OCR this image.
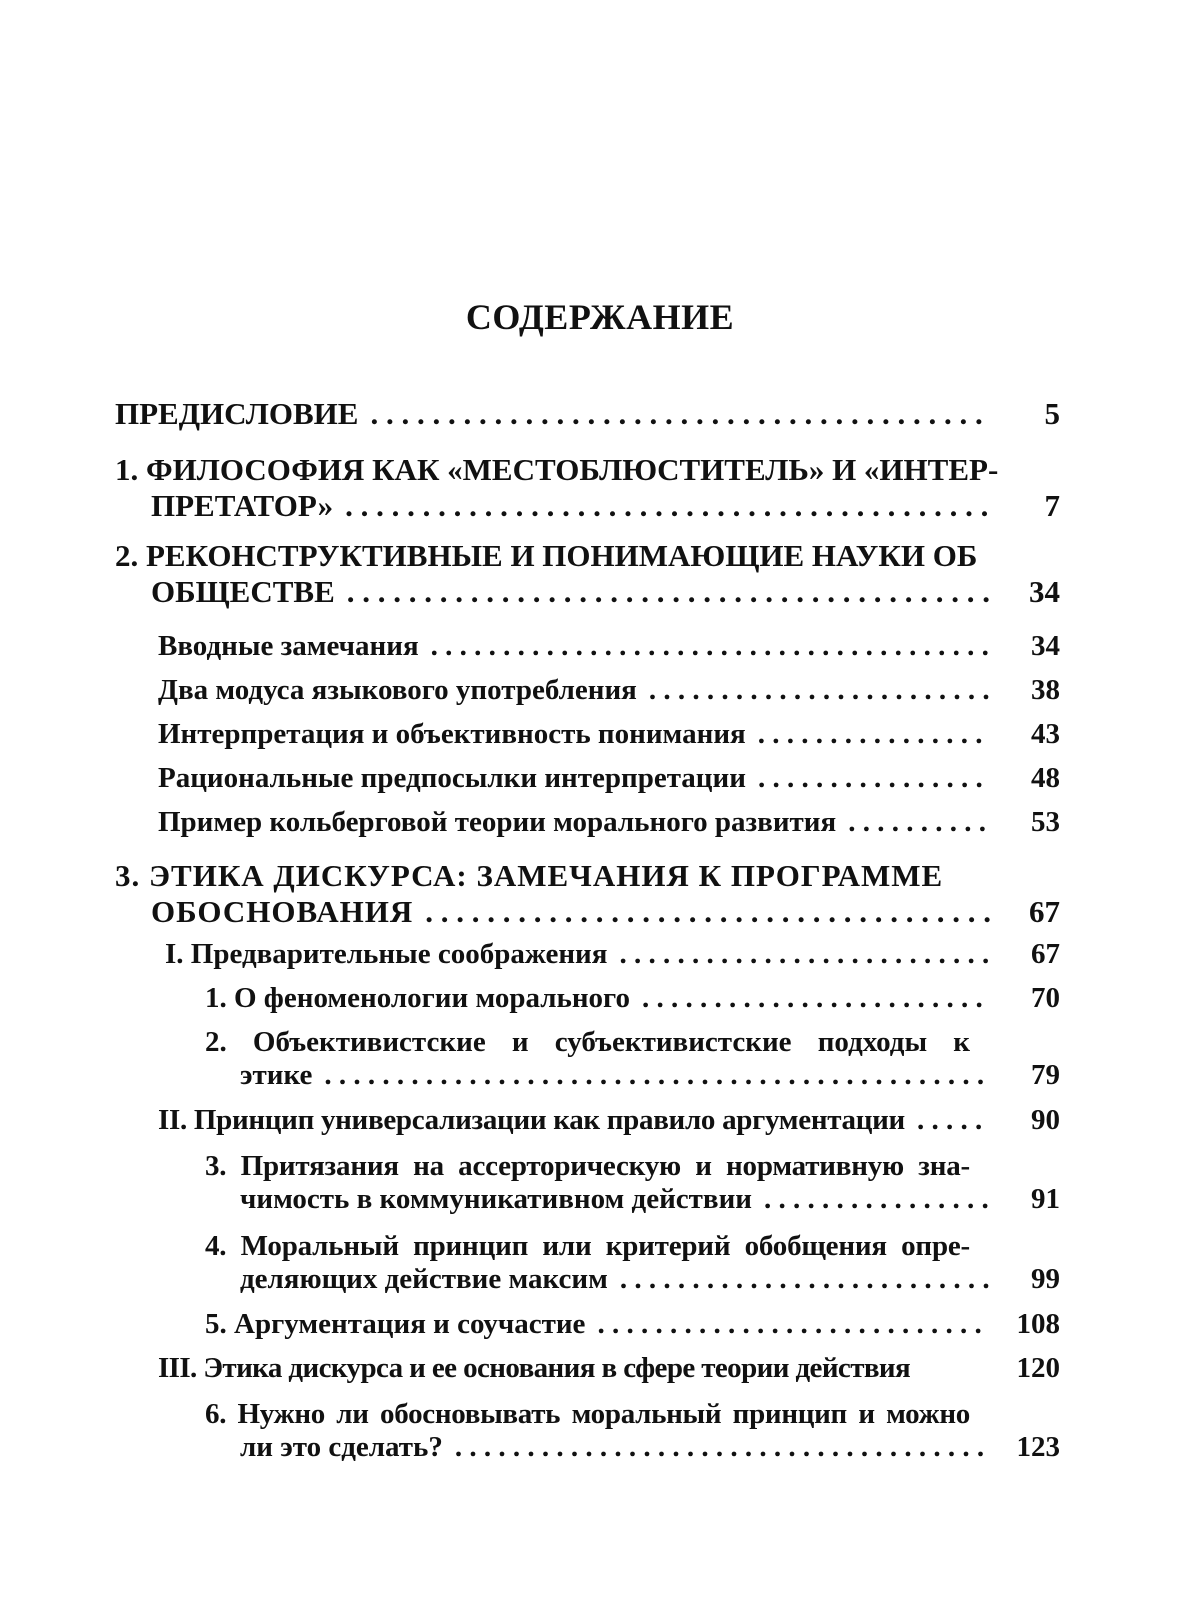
СОДЕРЖАНИЕ
ПРЕДИСЛОВИЕ . . .	5
1. ФИЛОСОФИЯ КАК «МЕСТОБЛЮСТИТЕЛЬ» И «ИНТЕР-
ПРЕТАТОР» . . .	7
2. РЕКОНСТРУКТИВНЫЕ И ПОНИМАЮЩИЕ НАУКИ ОБ
ОБЩЕСТВЕ . . .	34
Вводные замечания . . .	34
Два модуса языкового употребления . . .	38
Интерпретация и объективность понимания . . .	43
Рациональные предпосылки интерпретации . . .	48
Пример кольберговой теории морального развития . . .	53
3. ЭТИКА ДИСКУРСА: ЗАМЕЧАНИЯ К ПРОГРАММЕ
ОБОСНОВАНИЯ . . .	67
I. Предварительные соображения . . .	67
1. О феноменологии морального . . .	70
2. Объективистские и субъективистские подходы к
этике . . .	79
II. Принцип универсализации как правило аргументации . . .	90
3. Притязания на ассерторическую и нормативную зна-
чимость в коммуникативном действии . . .	91
4. Моральный принцип или критерий обобщения опре-
деляющих действие максим . . .	99
5. Аргументация и соучастие . . .	108
III. Этика дискурса и ее основания в сфере теории действия	120
6. Нужно ли обосновывать моральный принцип и можно
ли это сделать? . . .	123
